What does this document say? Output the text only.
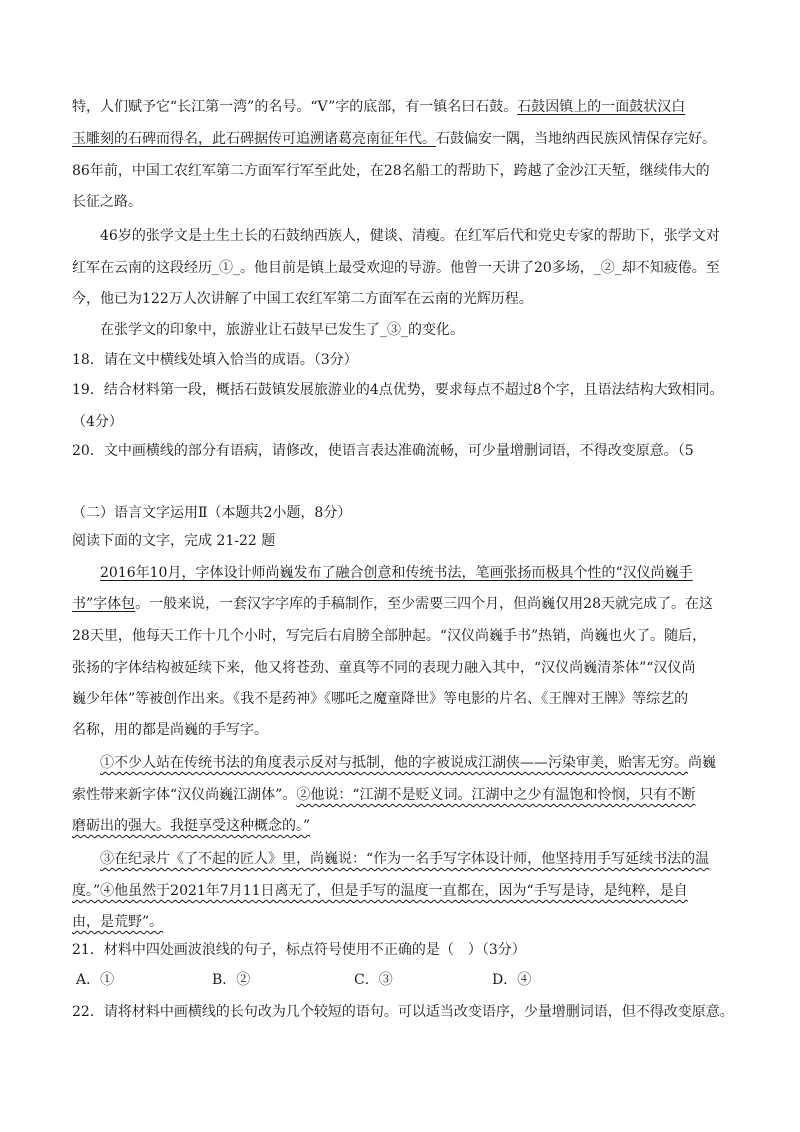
特，人们赋予它“长江第一湾”的名号。“V”字的底部，有一镇名曰石鼓。石鼓因镇上的一面鼓状汉白
玉雕刻的石碑而得名，此石碑据传可追溯诸葛亮南征年代。石鼓偏安一隅，当地纳西民族风情保存完好。
86年前，中国工农红军第二方面军行军至此处，在28名船工的帮助下，跨越了金沙江天堑，继续伟大的
长征之路。
46岁的张学文是土生土长的石鼓纳西族人，健谈、清瘦。在红军后代和党史专家的帮助下，张学文对
红军在云南的这段经历_①_。他目前是镇上最受欢迎的导游。他曾一天讲了20多场，_②_却不知疲倦。至
今，他已为122万人次讲解了中国工农红军第二方面军在云南的光辉历程。
在张学文的印象中，旅游业让石鼓早已发生了_③_的变化。
18．请在文中横线处填入恰当的成语。（3分）
19．结合材料第一段，概括石鼓镇发展旅游业的4点优势，要求每点不超过8个字，且语法结构大致相同。
（4分）
20．文中画横线的部分有语病，请修改，使语言表达准确流畅，可少量增删词语，不得改变原意。（5
（二）语言文字运用Ⅱ（本题共2小题，8分）
阅读下面的文字，完成 21-22 题
2016年10月，字体设计师尚巍发布了融合创意和传统书法，笔画张扬而极具个性的“汉仪尚巍手
书”字体包。一般来说，一套汉字字库的手稿制作，至少需要三四个月，但尚巍仅用28天就完成了。在这
28天里，他每天工作十几个小时，写完后右肩膀全部肿起。“汉仪尚巍手书”热销，尚巍也火了。随后，
张扬的字体结构被延续下来，他又将苍劲、童真等不同的表现力融入其中，“汉仪尚巍清茶体”“汉仪尚
巍少年体”等被创作出来。《我不是药神》《哪吒之魔童降世》等电影的片名、《王牌对王牌》等综艺的
名称，用的都是尚巍的手写字。
①不少人站在传统书法的角度表示反对与抵制，他的字被说成江湖侠——污染审美，贻害无穷。尚巍
索性带来新字体“汉仪尚巍江湖体”。②他说：“江湖不是贬义词。江湖中之少有温饱和怜悯，只有不断
磨砺出的强大。我挺享受这种概念的。”
③在纪录片《了不起的匠人》里，尚巍说：“作为一名手写字体设计师，他坚持用手写延续书法的温
度。”④他虽然于2021年7月11日离无了，但是手写的温度一直都在，因为“手写是诗，是纯粹，是自
由，是荒野”。
21．材料中四处画波浪线的句子，标点符号使用不正确的是（　）（3分）
A．①	B．②	C．③	D．④
22．请将材料中画横线的长句改为几个较短的语句。可以适当改变语序，少量增删词语，但不得改变原意。
